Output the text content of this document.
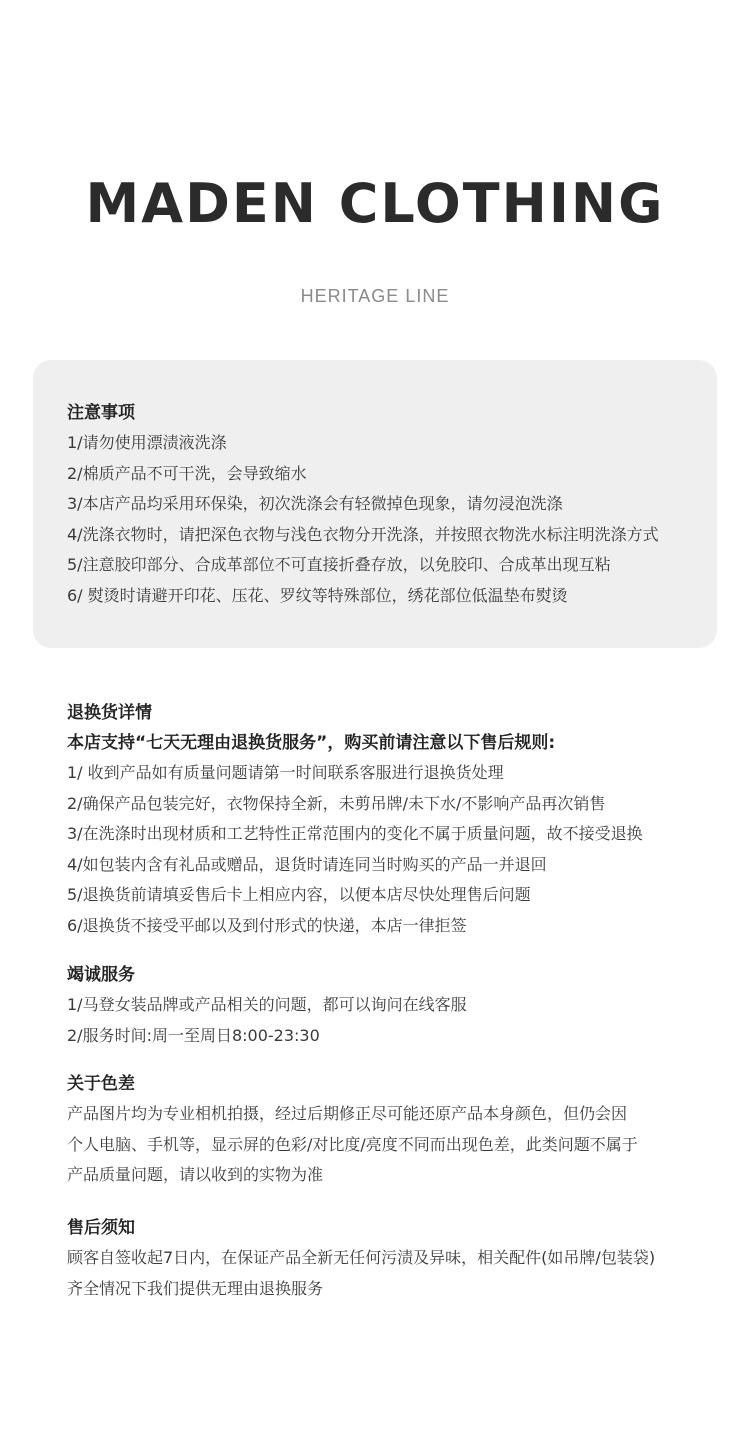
MADEN CLOTHING
HERITAGE LINE
注意事项
1/请勿使用漂渍液洗涤
2/棉质产品不可干洗，会导致缩水
3/本店产品均采用环保染，初次洗涤会有轻微掉色现象，请勿浸泡洗涤
4/洗涤衣物时，请把深色衣物与浅色衣物分开洗涤，并按照衣物洗水标注明洗涤方式
5/注意胶印部分、合成革部位不可直接折叠存放，以免胶印、合成革出现互粘
6/ 熨烫时请避开印花、压花、罗纹等特殊部位，绣花部位低温垫布熨烫
退换货详情
本店支持“七天无理由退换货服务”，购买前请注意以下售后规则:
1/ 收到产品如有质量问题请第一时间联系客服进行退换货处理
2/确保产品包装完好，衣物保持全新，未剪吊牌/未下水/不影响产品再次销售
3/在洗涤时出现材质和工艺特性正常范围内的变化不属于质量问题，故不接受退换
4/如包装内含有礼品或赠品，退货时请连同当时购买的产品一并退回
5/退换货前请填妥售后卡上相应内容，以便本店尽快处理售后问题
6/退换货不接受平邮以及到付形式的快递，本店一律拒签
竭诚服务
1/马登女装品牌或产品相关的问题，都可以询问在线客服
2/服务时间:周一至周日8:00-23:30
关于色差
产品图片均为专业相机拍摄，经过后期修正尽可能还原产品本身颜色，但仍会因
个人电脑、手机等，显示屏的色彩/对比度/亮度不同而出现色差，此类问题不属于
产品质量问题，请以收到的实物为准
售后须知
顾客自签收起7日内，在保证产品全新无任何污渍及异味，相关配件(如吊牌/包装袋)
齐全情况下我们提供无理由退换服务
